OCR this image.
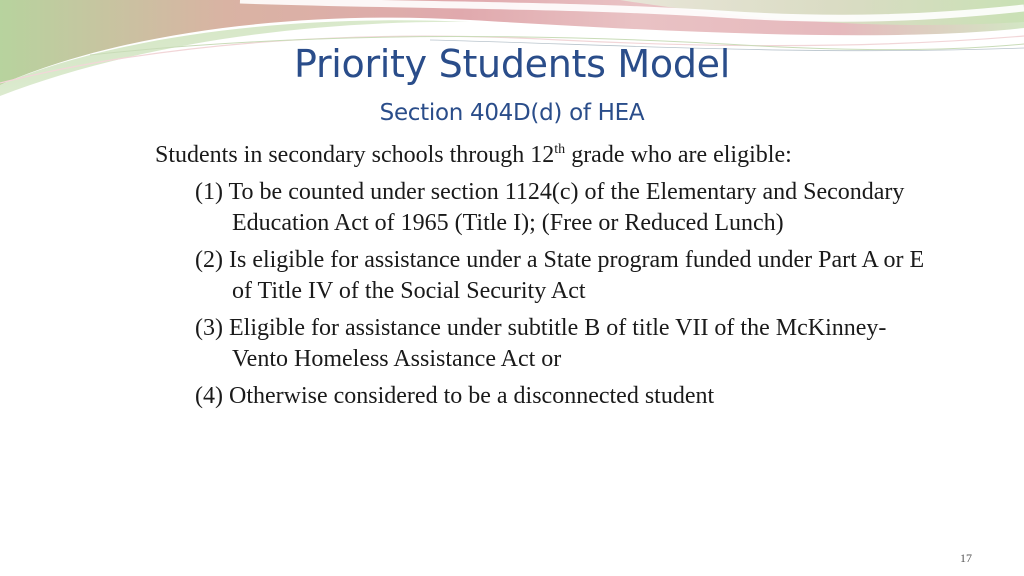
Priority Students Model
Section 404D(d) of HEA
Students in secondary schools through 12th grade who are eligible:
(1) To be counted under section 1124(c) of the Elementary and Secondary Education Act of 1965 (Title I); (Free or Reduced Lunch)
(2) Is eligible for assistance under a State program funded under Part A or E of Title IV of the Social Security Act
(3) Eligible for assistance under subtitle B of title VII of the McKinney-Vento Homeless Assistance Act or
(4) Otherwise considered to be a disconnected student
17
